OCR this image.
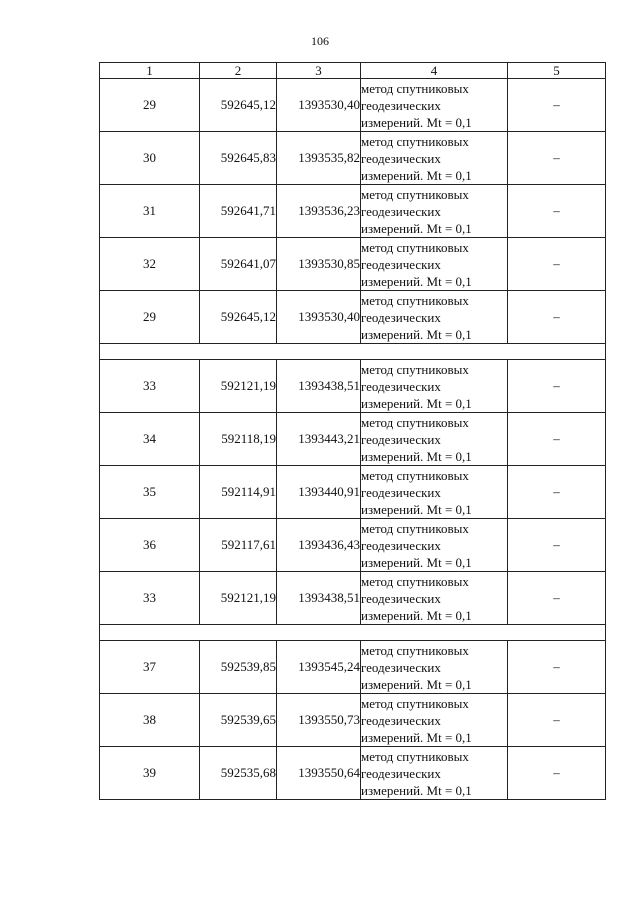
106
1	2	3	4	5
29	592645,12	1393530,40	метод спутниковых
геодезических
измерений. Mt = 0,1	–
30	592645,83	1393535,82	метод спутниковых
геодезических
измерений. Mt = 0,1	–
31	592641,71	1393536,23	метод спутниковых
геодезических
измерений. Mt = 0,1	–
32	592641,07	1393530,85	метод спутниковых
геодезических
измерений. Mt = 0,1	–
29	592645,12	1393530,40	метод спутниковых
геодезических
измерений. Mt = 0,1	–

33	592121,19	1393438,51	метод спутниковых
геодезических
измерений. Mt = 0,1	–
34	592118,19	1393443,21	метод спутниковых
геодезических
измерений. Mt = 0,1	–
35	592114,91	1393440,91	метод спутниковых
геодезических
измерений. Mt = 0,1	–
36	592117,61	1393436,43	метод спутниковых
геодезических
измерений. Mt = 0,1	–
33	592121,19	1393438,51	метод спутниковых
геодезических
измерений. Mt = 0,1	–

37	592539,85	1393545,24	метод спутниковых
геодезических
измерений. Mt = 0,1	–
38	592539,65	1393550,73	метод спутниковых
геодезических
измерений. Mt = 0,1	–
39	592535,68	1393550,64	метод спутниковых
геодезических
измерений. Mt = 0,1	–
